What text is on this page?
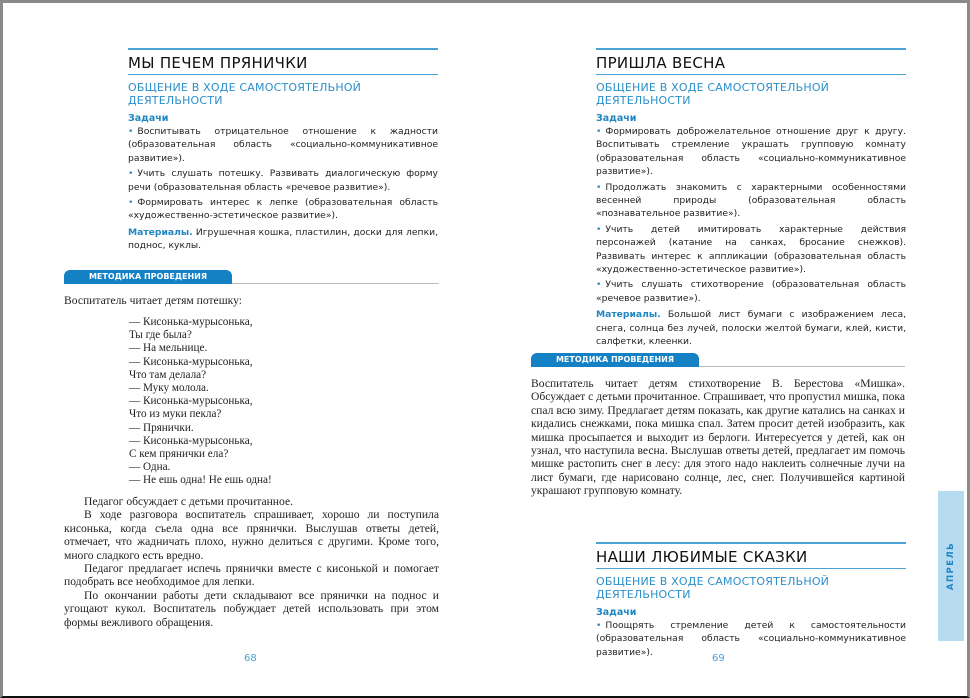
МЫ ПЕЧЕМ ПРЯНИЧКИ
ОБЩЕНИЕ В ХОДЕ САМОСТОЯТЕЛЬНОЙ ДЕЯТЕЛЬНОСТИ
Задачи
• Воспитывать отрицательное отношение к жадности (образовательная область «социально-коммуникативное развитие»).
• Учить слушать потешку. Развивать диалогическую форму речи (образовательная область «речевое развитие»).
• Формировать интерес к лепке (образовательная область «художественно-эстетическое развитие»).
Материалы. Игрушечная кошка, пластилин, доски для лепки, поднос, куклы.
МЕТОДИКА ПРОВЕДЕНИЯ

Воспитатель читает детям потешку:

— Кисонька-мурысонька,
Ты где была?
— На мельнице.
— Кисонька-мурысонька,
Что там делала?
— Муку молола.
— Кисонька-мурысонька,
Что из муки пекла?
— Прянички.
— Кисонька-мурысонька,
С кем прянички ела?
— Одна.
— Не ешь одна! Не ешь одна!

Педагог обсуждает с детьми прочитанное.

В ходе разговора воспитатель спрашивает, хорошо ли поступила кисонька, когда съела одна все прянички. Выслушав ответы детей, отмечает, что жадничать плохо, нужно делиться с другими. Кроме того, много сладкого есть вредно.

Педагог предлагает испечь прянички вместе с кисонькой и помогает подобрать все необходимое для лепки.

По окончании работы дети складывают все прянички на поднос и угощают кукол. Воспитатель побуждает детей использовать при этом формы вежливого обращения.

68
ПРИШЛА ВЕСНА
ОБЩЕНИЕ В ХОДЕ САМОСТОЯТЕЛЬНОЙ ДЕЯТЕЛЬНОСТИ
Задачи
• Формировать доброжелательное отношение друг к другу. Воспитывать стремление украшать групповую комнату (образовательная область «социально-коммуникативное развитие»).
• Продолжать знакомить с характерными особенностями весенней природы (образовательная область «познавательное развитие»).
• Учить детей имитировать характерные действия персонажей (катание на санках, бросание снежков). Развивать интерес к аппликации (образовательная область «художественно-эстетическое развитие»).
• Учить слушать стихотворение (образовательная область «речевое развитие»).
Материалы. Большой лист бумаги с изображением леса, снега, солнца без лучей, полоски желтой бумаги, клей, кисти, салфетки, клеенки.
МЕТОДИКА ПРОВЕДЕНИЯ

Воспитатель читает детям стихотворение В. Берестова «Мишка». Обсуждает с детьми прочитанное. Спрашивает, что пропустил мишка, пока спал всю зиму. Предлагает детям показать, как другие катались на санках и кидались снежками, пока мишка спал. Затем просит детей изобразить, как мишка просыпается и выходит из берлоги. Интересуется у детей, как он узнал, что наступила весна. Выслушав ответы детей, предлагает им помочь мишке растопить снег в лесу: для этого надо наклеить солнечные лучи на лист бумаги, где нарисовано солнце, лес, снег. Получившейся картиной украшают групповую комнату.

НАШИ ЛЮБИМЫЕ СКАЗКИ
ОБЩЕНИЕ В ХОДЕ САМОСТОЯТЕЛЬНОЙ ДЕЯТЕЛЬНОСТИ
Задачи
• Поощрять стремление детей к самостоятельности (образовательная область «социально-коммуникативное развитие»).
69
АПРЕЛЬ
